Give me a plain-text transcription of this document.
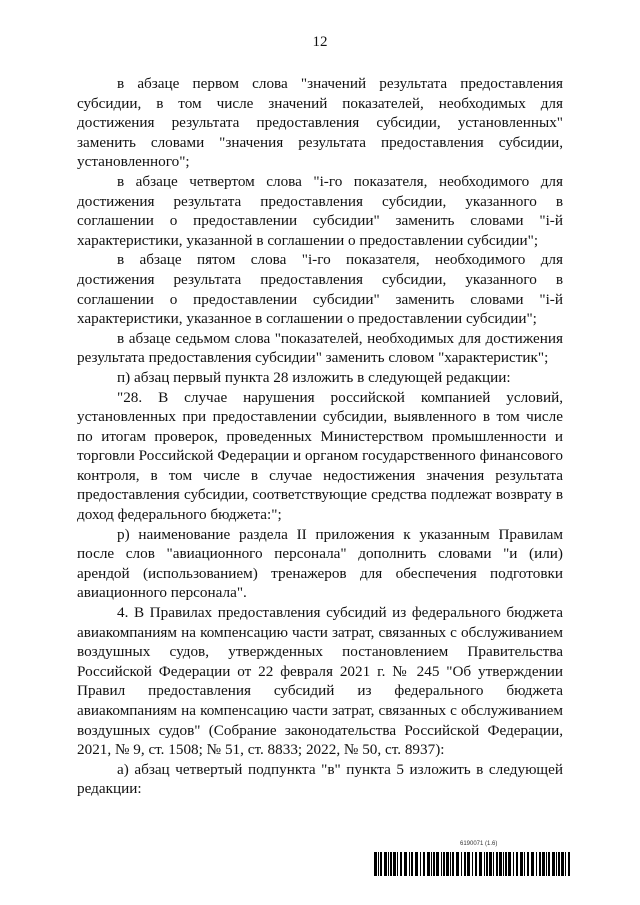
12

в абзаце первом слова "значений результата предоставления субсидии, в том числе значений показателей, необходимых для достижения результата предоставления субсидии, установленных" заменить словами "значения результата предоставления субсидии, установленного";

в абзаце четвертом слова "i-го показателя, необходимого для достижения результата предоставления субсидии, указанного в соглашении о предоставлении субсидии" заменить словами "i-й характеристики, указанной в соглашении о предоставлении субсидии";

в абзаце пятом слова "i-го показателя, необходимого для достижения результата предоставления субсидии, указанного в соглашении о предоставлении субсидии" заменить словами "i-й характеристики, указанное в соглашении о предоставлении субсидии";

в абзаце седьмом слова "показателей, необходимых для достижения результата предоставления субсидии" заменить словом "характеристик";

п) абзац первый пункта 28 изложить в следующей редакции:

"28. В случае нарушения российской компанией условий, установленных при предоставлении субсидии, выявленного в том числе по итогам проверок, проведенных Министерством промышленности и торговли Российской Федерации и органом государственного финансового контроля, в том числе в случае недостижения значения результата предоставления субсидии, соответствующие средства подлежат возврату в доход федерального бюджета:";

р) наименование раздела II приложения к указанным Правилам после слов "авиационного персонала" дополнить словами "и (или) арендой (использованием) тренажеров для обеспечения подготовки авиационного персонала".

4. В Правилах предоставления субсидий из федерального бюджета авиакомпаниям на компенсацию части затрат, связанных с обслуживанием воздушных судов, утвержденных постановлением Правительства Российской Федерации от 22 февраля 2021 г. № 245 "Об утверждении Правил предоставления субсидий из федерального бюджета авиакомпаниям на компенсацию части затрат, связанных с обслуживанием воздушных судов" (Собрание законодательства Российской Федерации, 2021, № 9, ст. 1508; № 51, ст. 8833; 2022, № 50, ст. 8937):

а) абзац четвертый подпункта "в" пункта 5 изложить в следующей редакции:

6190071 (1.6)
